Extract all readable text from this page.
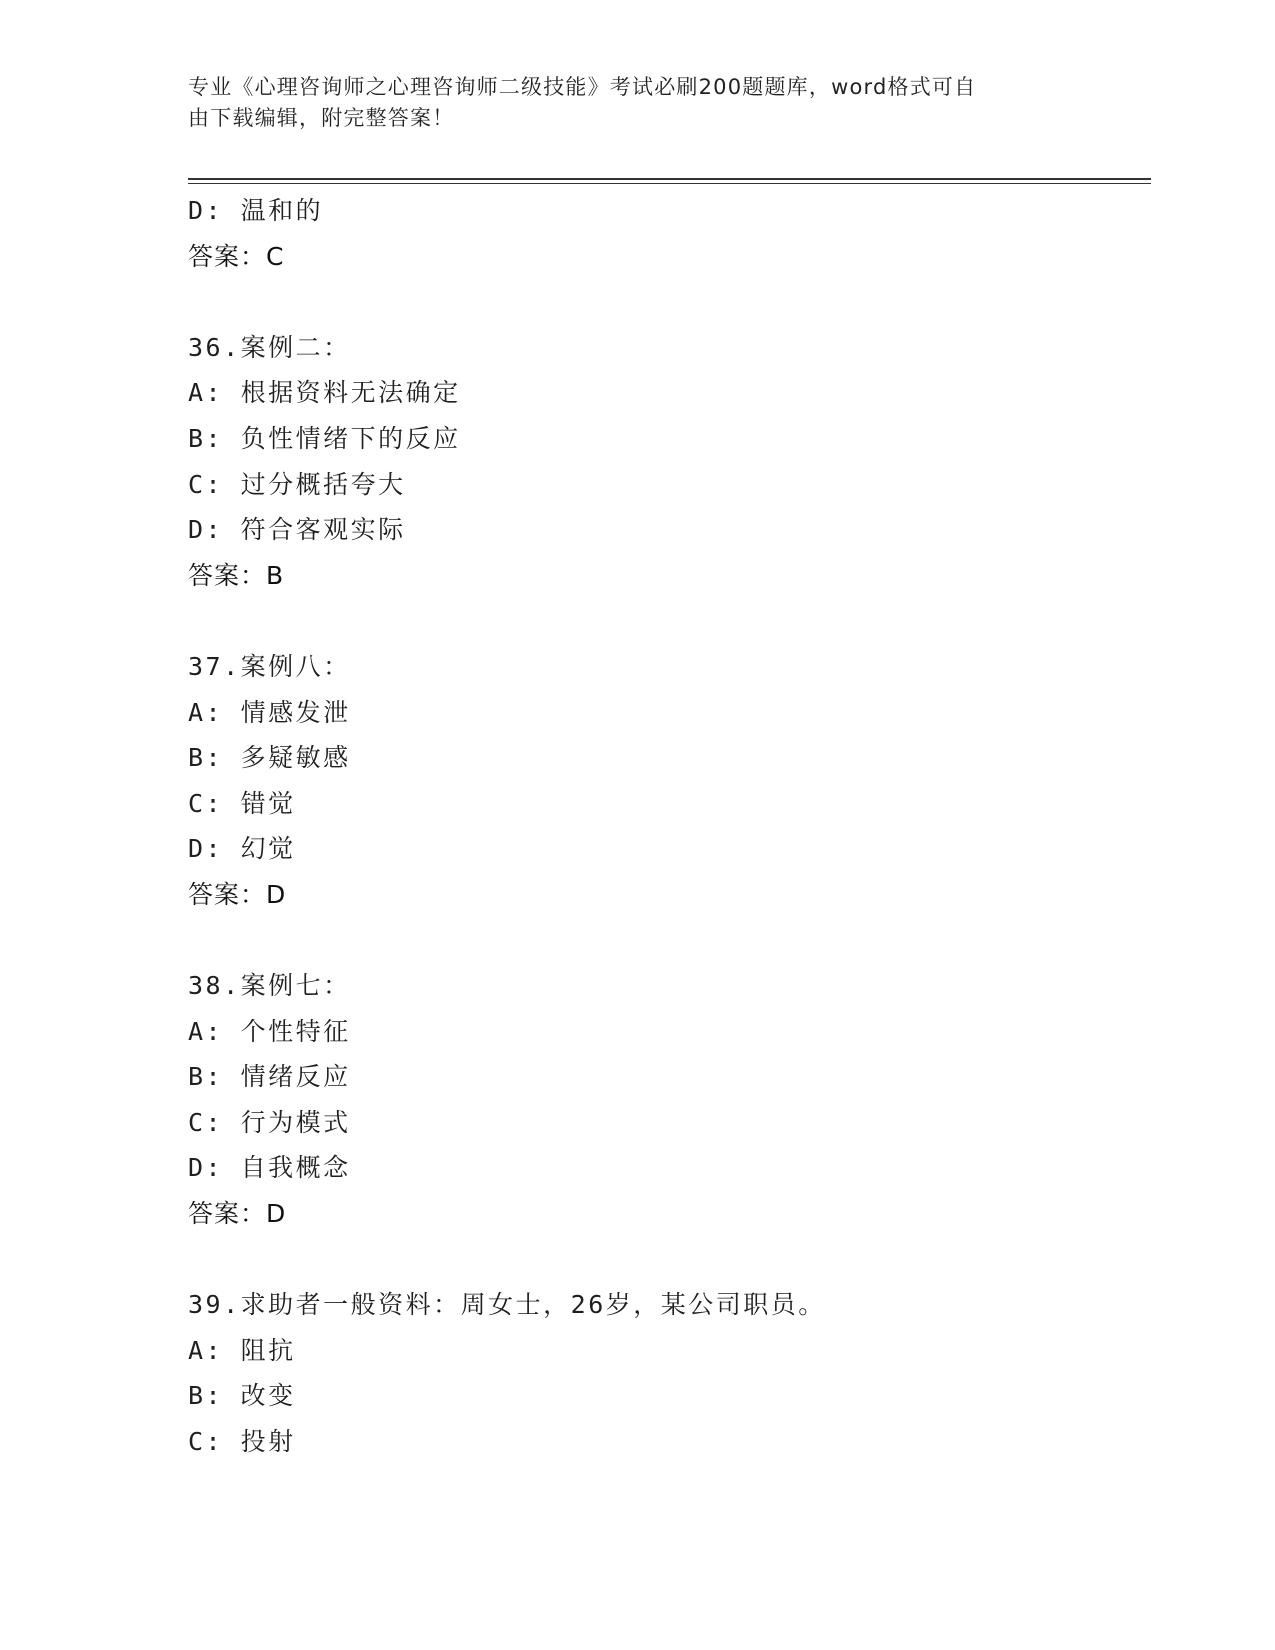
专业《心理咨询师之心理咨询师二级技能》考试必刷200题题库，word格式可自
由下载编辑，附完整答案！
D: 温和的
答案：C
36.案例二：
A: 根据资料无法确定
B: 负性情绪下的反应
C: 过分概括夸大
D: 符合客观实际
答案：B
37.案例八：
A: 情感发泄
B: 多疑敏感
C: 错觉
D: 幻觉
答案：D
38.案例七：
A: 个性特征
B: 情绪反应
C: 行为模式
D: 自我概念
答案：D
39.求助者一般资料：周女士，26岁，某公司职员。
A: 阻抗
B: 改变
C: 投射
